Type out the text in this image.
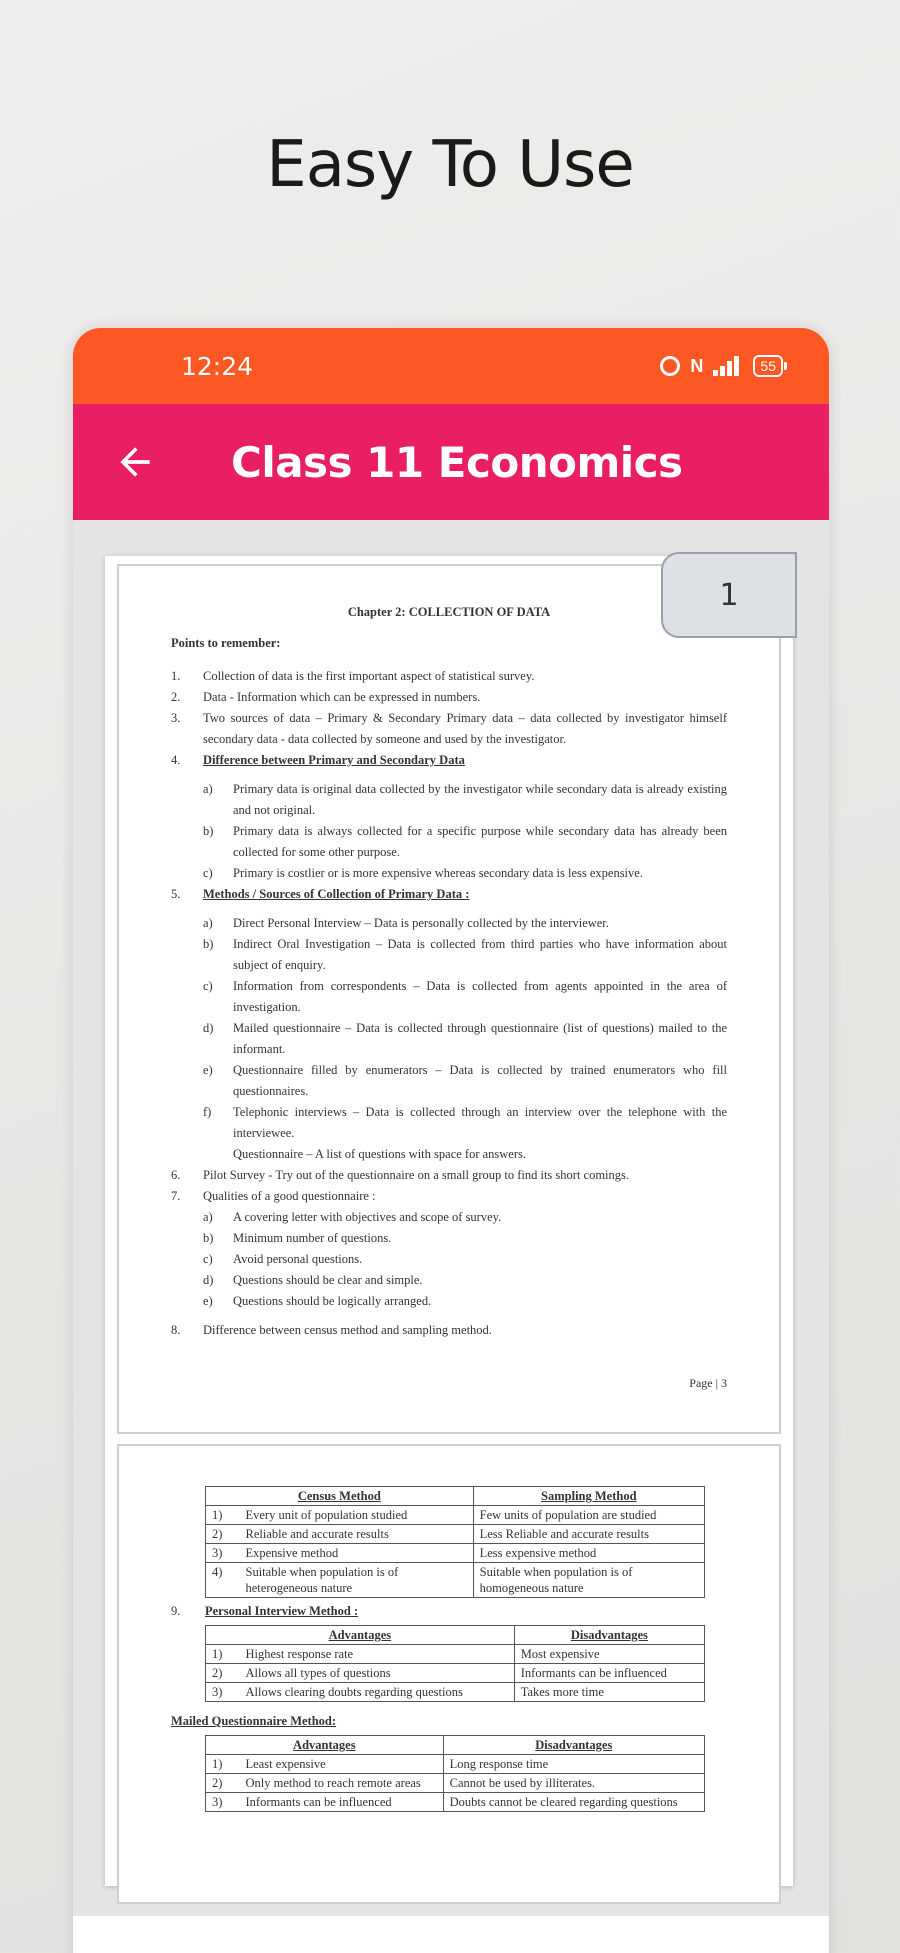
Easy To Use
12:24	N	55
Class 11 Economics
Chapter 2: COLLECTION OF DATA
Points to remember:
1.	Collection of data is the first important aspect of statistical survey.
2.	Data - Information which can be expressed in numbers.
3.	Two sources of data – Primary & Secondary Primary data – data collected by investigator himself secondary data - data collected by someone and used by the investigator.
4.	Difference between Primary and Secondary Data
a)	Primary data is original data collected by the investigator while secondary data is already existing and not original.
b)	Primary data is always collected for a specific purpose while secondary data has already been collected for some other purpose.
c)	Primary is costlier or is more expensive whereas secondary data is less expensive.
5.	Methods / Sources of Collection of Primary Data :
a)	Direct Personal Interview – Data is personally collected by the interviewer.
b)	Indirect Oral Investigation – Data is collected from third parties who have information about subject of enquiry.
c)	Information from correspondents – Data is collected from agents appointed in the area of investigation.
d)	Mailed questionnaire – Data is collected through questionnaire (list of questions) mailed to the informant.
e)	Questionnaire filled by enumerators – Data is collected by trained enumerators who fill questionnaires.
f)	Telephonic interviews – Data is collected through an interview over the telephone with the interviewee.
Questionnaire – A list of questions with space for answers.
6.	Pilot Survey - Try out of the questionnaire on a small group to find its short comings.
7.	Qualities of a good questionnaire :
a)	A covering letter with objectives and scope of survey.
b)	Minimum number of questions.
c)	Avoid personal questions.
d)	Questions should be clear and simple.
e)	Questions should be logically arranged.
8.	Difference between census method and sampling method.
Page | 3
1
Census Method		Sampling Method
1)	Every unit of population studied	Few units of population are studied
2)	Reliable and accurate results	Less Reliable and accurate results
3)	Expensive method	Less expensive method
4)	Suitable when population is of heterogeneous nature	Suitable when population is of homogeneous nature
9. Personal Interview Method :
Advantages		Disadvantages
1)	Highest response rate	Most expensive
2)	Allows all types of questions	Informants can be influenced
3)	Allows clearing doubts regarding questions	Takes more time
Mailed Questionnaire Method:
Advantages		Disadvantages
1)	Least expensive	Long response time
2)	Only method to reach remote areas	Cannot be used by illiterates.
3)	Informants can be influenced	Doubts cannot be cleared regarding questions
